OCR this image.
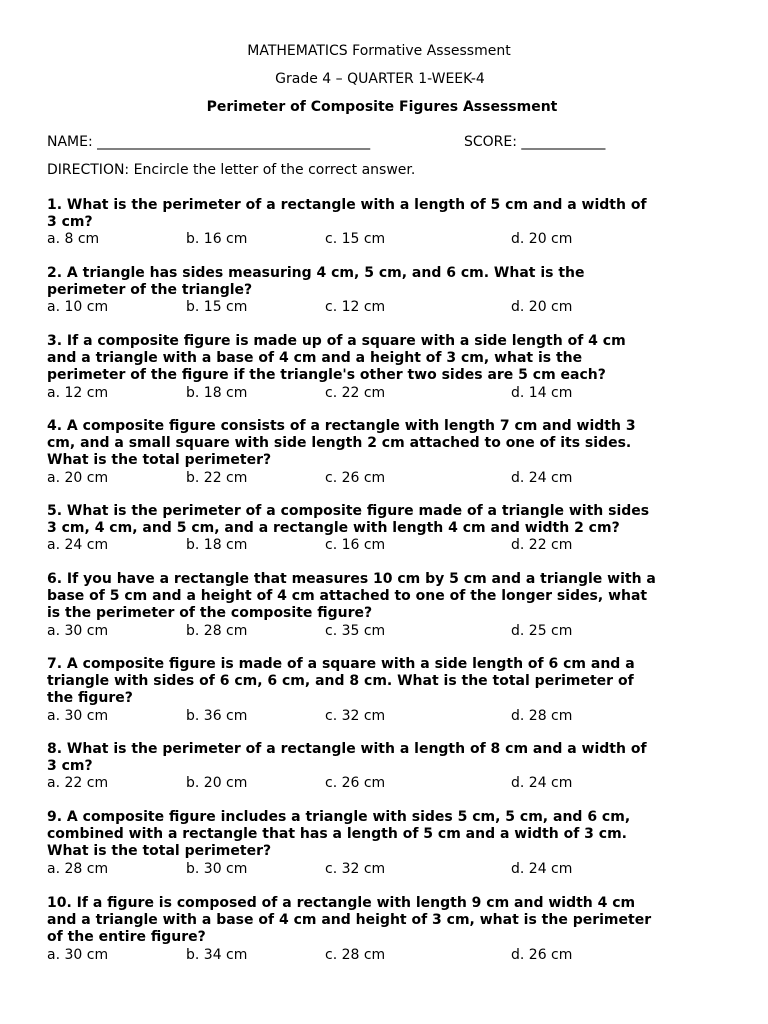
MATHEMATICS Formative Assessment
Grade 4 – QUARTER 1-WEEK-4
Perimeter of Composite Figures Assessment
NAME: _______________________________________	SCORE: ____________
DIRECTION: Encircle the letter of the correct answer.
1. What is the perimeter of a rectangle with a length of 5 cm and a width of
3 cm?
a. 8 cm	b. 16 cm	c. 15 cm	d. 20 cm
2. A triangle has sides measuring 4 cm, 5 cm, and 6 cm. What is the
perimeter of the triangle?
a. 10 cm	b. 15 cm	c. 12 cm	d. 20 cm
3. If a composite figure is made up of a square with a side length of 4 cm
and a triangle with a base of 4 cm and a height of 3 cm, what is the
perimeter of the figure if the triangle's other two sides are 5 cm each?
a. 12 cm	b. 18 cm	c. 22 cm	d. 14 cm
4. A composite figure consists of a rectangle with length 7 cm and width 3
cm, and a small square with side length 2 cm attached to one of its sides.
What is the total perimeter?
a. 20 cm	b. 22 cm	c. 26 cm	d. 24 cm
5. What is the perimeter of a composite figure made of a triangle with sides
3 cm, 4 cm, and 5 cm, and a rectangle with length 4 cm and width 2 cm?
a. 24 cm	b. 18 cm	c. 16 cm	d. 22 cm
6. If you have a rectangle that measures 10 cm by 5 cm and a triangle with a
base of 5 cm and a height of 4 cm attached to one of the longer sides, what
is the perimeter of the composite figure?
a. 30 cm	b. 28 cm	c. 35 cm	d. 25 cm
7. A composite figure is made of a square with a side length of 6 cm and a
triangle with sides of 6 cm, 6 cm, and 8 cm. What is the total perimeter of
the figure?
a. 30 cm	b. 36 cm	c. 32 cm	d. 28 cm
8. What is the perimeter of a rectangle with a length of 8 cm and a width of
3 cm?
a. 22 cm	b. 20 cm	c. 26 cm	d. 24 cm
9. A composite figure includes a triangle with sides 5 cm, 5 cm, and 6 cm,
combined with a rectangle that has a length of 5 cm and a width of 3 cm.
What is the total perimeter?
a. 28 cm	b. 30 cm	c. 32 cm	d. 24 cm
10. If a figure is composed of a rectangle with length 9 cm and width 4 cm
and a triangle with a base of 4 cm and height of 3 cm, what is the perimeter
of the entire figure?
a. 30 cm	b. 34 cm	c. 28 cm	d. 26 cm
